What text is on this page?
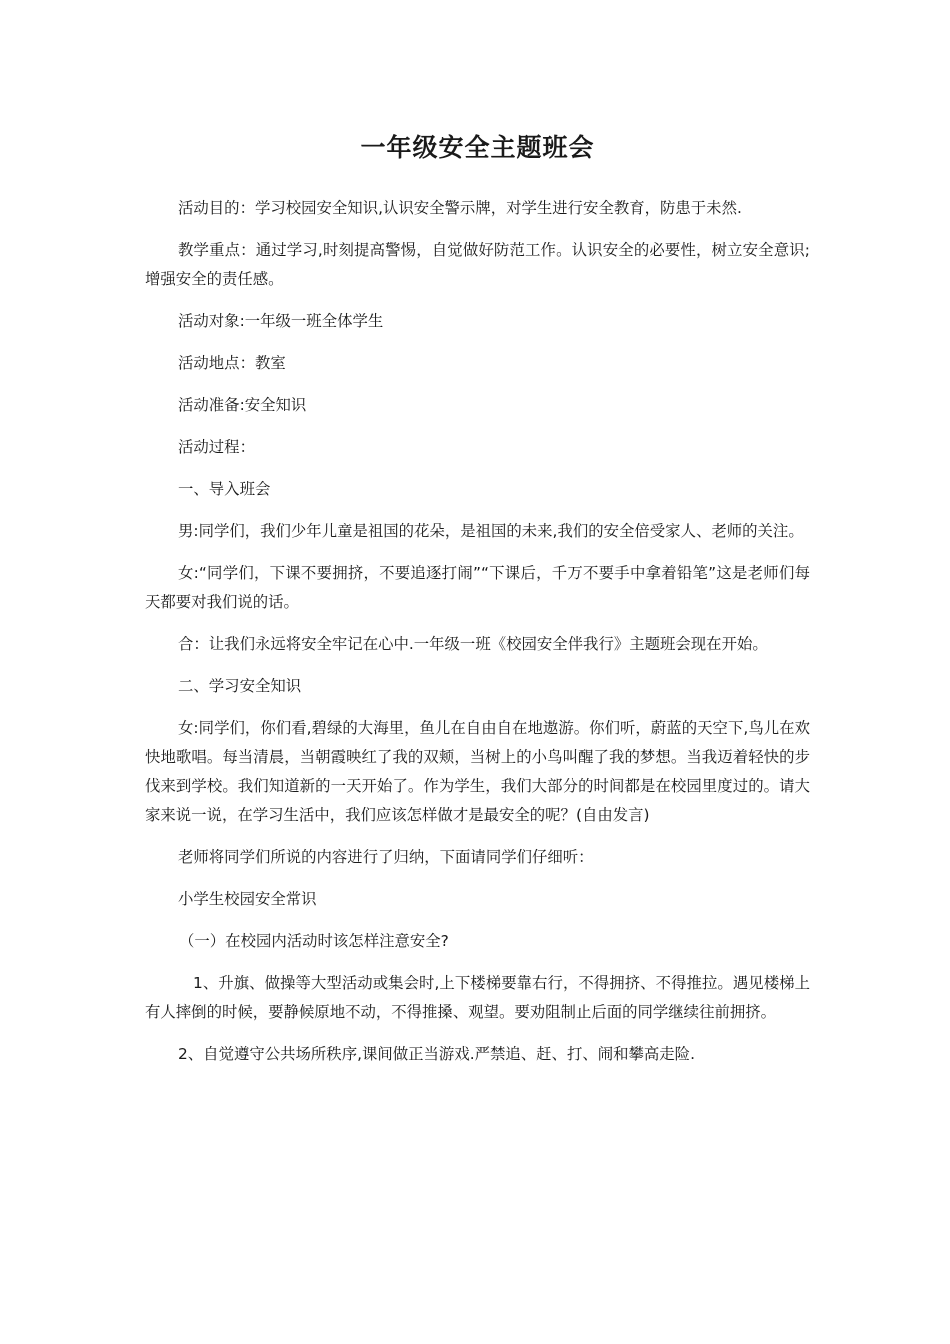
一年级安全主题班会

活动目的：学习校园安全知识,认识安全警示牌，对学生进行安全教育，防患于未然.

教学重点：通过学习,时刻提高警惕，自觉做好防范工作。认识安全的必要性，树立安全意识;增强安全的责任感。

活动对象:一年级一班全体学生

活动地点：教室

活动准备:安全知识

活动过程：

一、导入班会

男:同学们，我们少年儿童是祖国的花朵，是祖国的未来,我们的安全倍受家人、老师的关注。

女:“同学们，下课不要拥挤，不要追逐打闹”“下课后，千万不要手中拿着铅笔”这是老师们每天都要对我们说的话。

合：让我们永远将安全牢记在心中.一年级一班《校园安全伴我行》主题班会现在开始。

二、学习安全知识

女:同学们，你们看,碧绿的大海里，鱼儿在自由自在地遨游。你们听，蔚蓝的天空下,鸟儿在欢快地歌唱。每当清晨，当朝霞映红了我的双颊，当树上的小鸟叫醒了我的梦想。当我迈着轻快的步伐来到学校。我们知道新的一天开始了。作为学生，我们大部分的时间都是在校园里度过的。请大家来说一说，在学习生活中，我们应该怎样做才是最安全的呢？(自由发言)

老师将同学们所说的内容进行了归纳，下面请同学们仔细听：

小学生校园安全常识

（一）在校园内活动时该怎样注意安全?

1、升旗、做操等大型活动或集会时,上下楼梯要靠右行，不得拥挤、不得推拉。遇见楼梯上有人摔倒的时候，要静候原地不动，不得推搡、观望。要劝阻制止后面的同学继续往前拥挤。

2、自觉遵守公共场所秩序,课间做正当游戏.严禁追、赶、打、闹和攀高走险.
